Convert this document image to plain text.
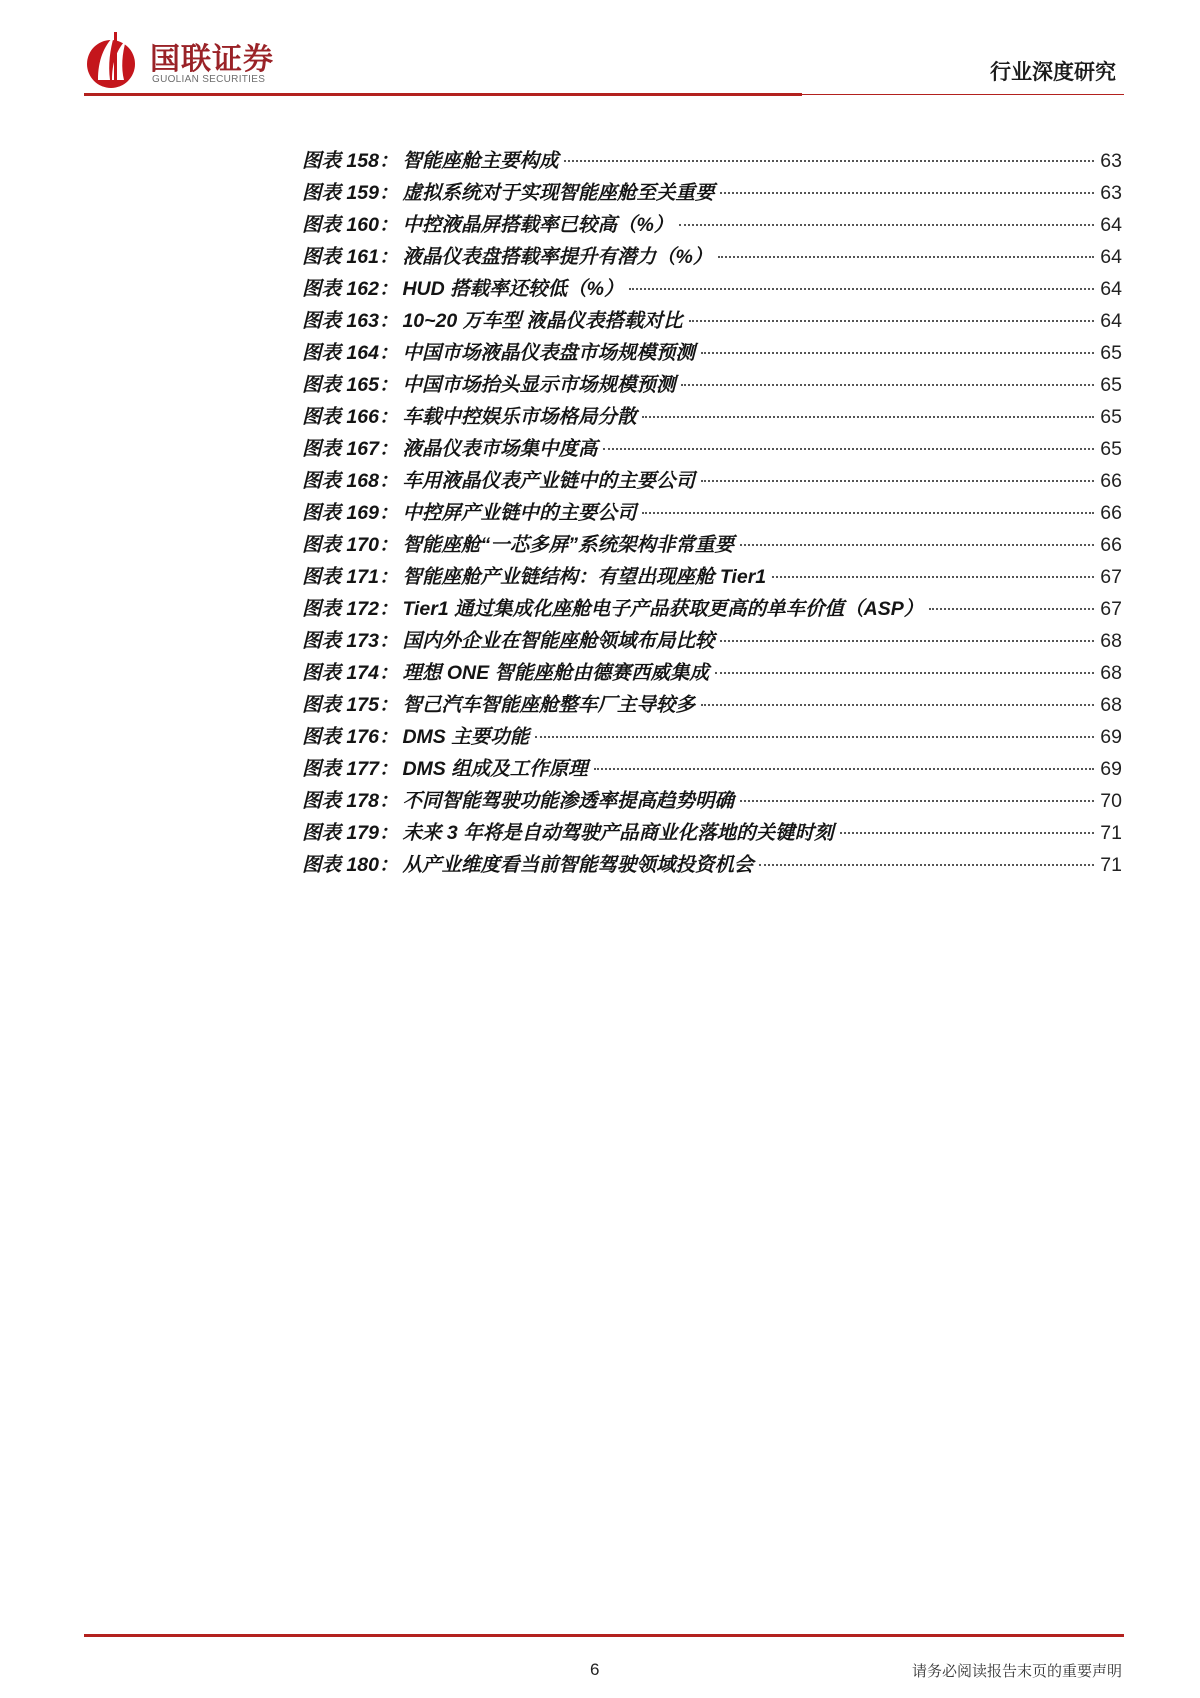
国联证券
GUOLIAN SECURITIES	行业深度研究
图表 158： 智能座舱主要构成	63
图表 159： 虚拟系统对于实现智能座舱至关重要	63
图表 160： 中控液晶屏搭载率已较高（%）	64
图表 161： 液晶仪表盘搭载率提升有潜力（%）	64
图表 162： HUD 搭载率还较低（%）	64
图表 163： 10~20 万车型 液晶仪表搭载对比	64
图表 164： 中国市场液晶仪表盘市场规模预测	65
图表 165： 中国市场抬头显示市场规模预测	65
图表 166： 车载中控娱乐市场格局分散	65
图表 167： 液晶仪表市场集中度高	65
图表 168： 车用液晶仪表产业链中的主要公司	66
图表 169： 中控屏产业链中的主要公司	66
图表 170： 智能座舱“一芯多屏”系统架构非常重要	66
图表 171： 智能座舱产业链结构：有望出现座舱 Tier1	67
图表 172： Tier1 通过集成化座舱电子产品获取更高的单车价值（ASP）	67
图表 173： 国内外企业在智能座舱领域布局比较	68
图表 174： 理想 ONE 智能座舱由德赛西威集成	68
图表 175： 智己汽车智能座舱整车厂主导较多	68
图表 176： DMS 主要功能	69
图表 177： DMS 组成及工作原理	69
图表 178： 不同智能驾驶功能渗透率提高趋势明确	70
图表 179： 未来 3 年将是自动驾驶产品商业化落地的关键时刻	71
图表 180： 从产业维度看当前智能驾驶领域投资机会	71
6	请务必阅读报告末页的重要声明
